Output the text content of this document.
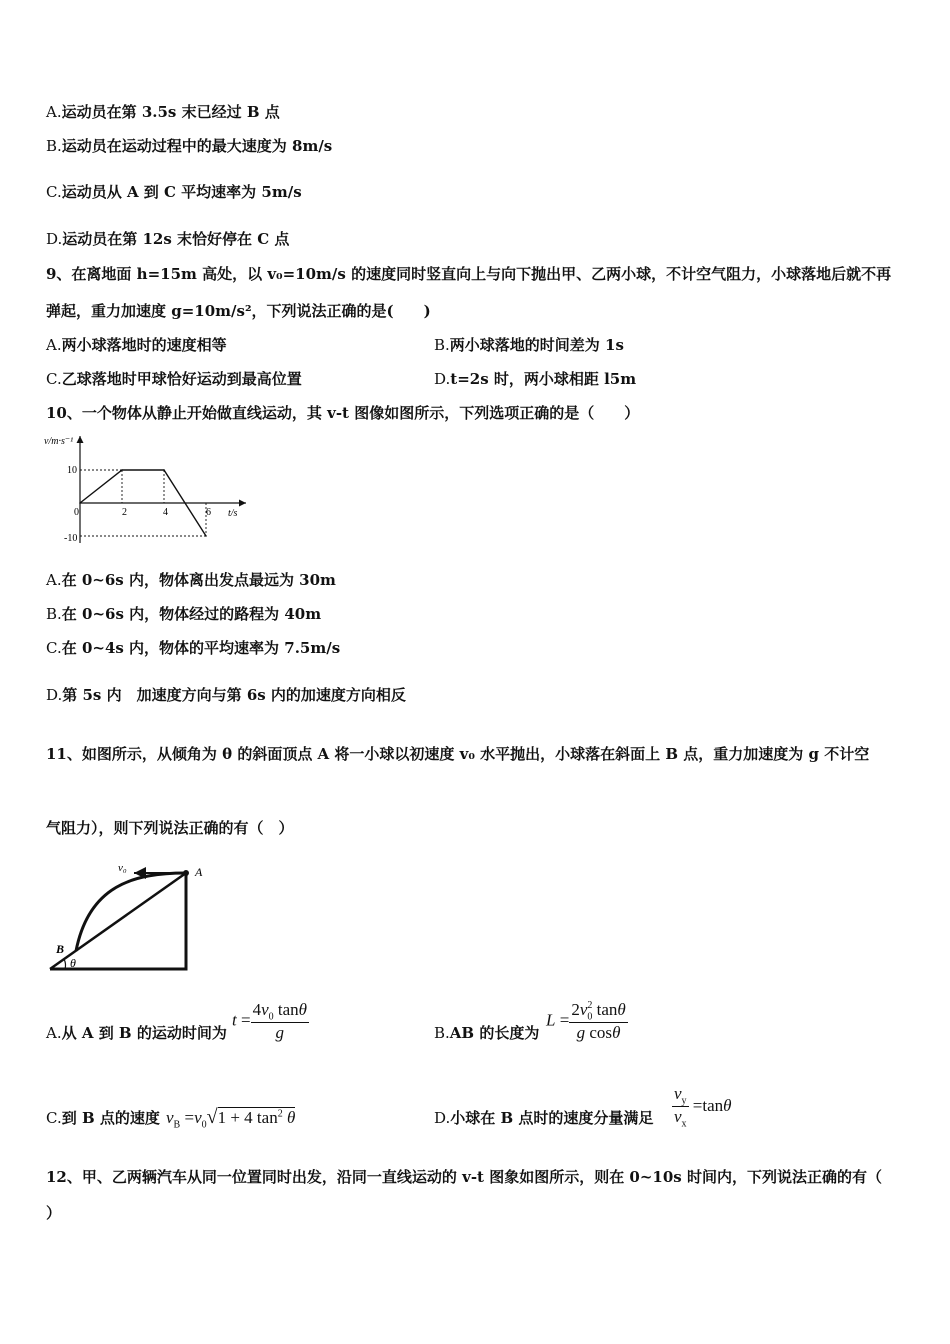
A.运动员在第 3.5s 末已经过 B 点
B.运动员在运动过程中的最大速度为 8m/s
C.运动员从 A 到 C 平均速率为 5m/s
D.运动员在第 12s 末恰好停在 C 点
9、在离地面 h=15m 高处，以 v₀=10m/s 的速度同时竖直向上与向下抛出甲、乙两小球，不计空气阻力，小球落地后就不再
弹起，重力加速度 g=10m/s²，下列说法正确的是(　　)
A.两小球落地时的速度相等	B.两小球落地的时间差为 1s
C.乙球落地时甲球恰好运动到最高位置	D.t=2s 时，两小球相距 l5m
10、一个物体从静止开始做直线运动，其 v-t 图像如图所示，下列选项正确的是（　　）
v/m·s⁻¹
t/s
10
-10
0	2	4	6
A.在 0~6s 内，物体离出发点最远为 30m
B.在 0~6s 内，物体经过的路程为 40m
C.在 0~4s 内，物体的平均速率为 7.5m/s
D.第 5s 内　加速度方向与第 6s 内的加速度方向相反
11、如图所示，从倾角为 θ 的斜面顶点 A 将一小球以初速度 v₀ 水平抛出，小球落在斜面上 B 点，重力加速度为 g 不计空
气阻力），则下列说法正确的有（　）
v₀	A
B
θ
A.从 A 到 B 的运动时间为
$t = \frac{4v_0 \tan\theta}{g}$	B.AB 的长度为
$L = \frac{2v_0^2 \tan\theta}{\text{g cosθ}}$
C.到 B 点的速度 $v_B =v_0√1 + 4$ $\tan^2 \theta$	D.小球在 B 点时的速度分量满足 $\frac{v_y}{v_x} =\tan\theta$
12、甲、乙两辆汽车从同一位置同时出发，沿同一直线运动的 v-t 图象如图所示，则在 0~10s 时间内，下列说法正确的有（
）
